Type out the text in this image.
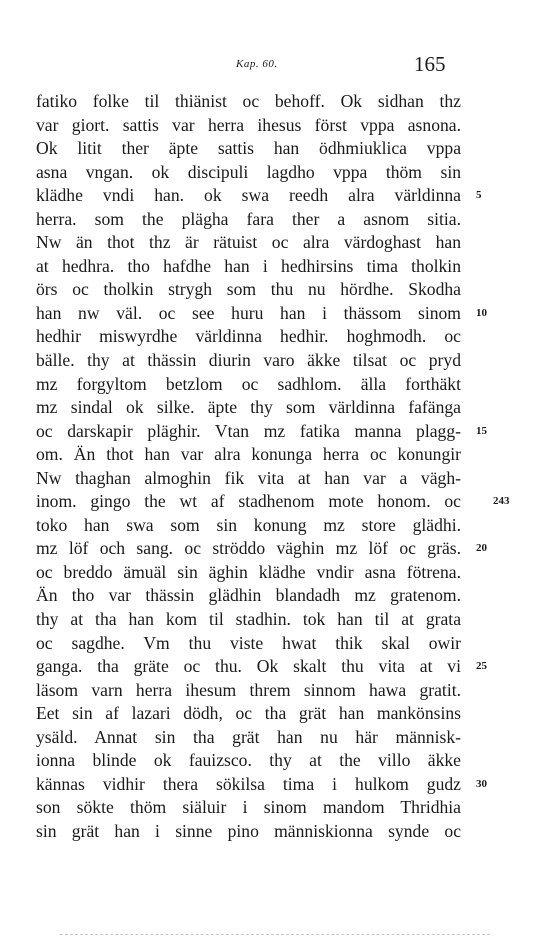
Kap. 60.	165
fatiko folke til thiänist oc behoff. Ok sidhan thz
var giort. sattis var herra ihesus först vppa asnona.
Ok litit ther äpte sattis han ödhmiuklica vppa
asna vngan. ok discipuli lagdho vppa thöm sin
klädhe vndi han. ok swa reedh alra världinna 5
herra. som the plägha fara ther a asnom sitia.
Nw än thot thz är rätuist oc alra värdoghast han
at hedhra. tho hafdhe han i hedhirsins tima tholkin
örs oc tholkin strygh som thu nu hördhe. Skodha
han nw väl. oc see huru han i thässom sinom 10
hedhir miswyrdhe världinna hedhir. hoghmodh. oc
bälle. thy at thässin diurin varo äkke tilsat oc pryd
mz forgyltom betzlom oc sadhlom. älla forthäkt
mz sindal ok silke. äpte thy som världinna fafänga
oc darskapir pläghir. Vtan mz fatika manna plagg- 15
om. Än thot han var alra konunga herra oc konungir
Nw thaghan almoghin fik vita at han var a vägh-
inom. gingo the wt af stadhenom mote honom. oc	243
toko han swa som sin konung mz store glädhi.
mz löf och sang. oc ströddo väghin mz löf oc gräs. 20
oc breddo ämuäl sin äghin klädhe vndir asna fötrena.
Än tho var thässin glädhin blandadh mz gratenom.
thy at tha han kom til stadhin. tok han til at grata
oc sagdhe. Vm thu viste hwat thik skal owir
ganga. tha gräte oc thu. Ok skalt thu vita at vi 25
läsom varn herra ihesum threm sinnom hawa gratit.
Eet sin af lazari dödh, oc tha grät han mankönsins
ysäld. Annat sin tha grät han nu här människ-
ionna blinde ok fauizsco. thy at the villo äkke
kännas vidhir thera sökilsa tima i hulkom gudz 30
son sökte thöm siäluir i sinom mandom Thridhia
sin grät han i sinne pino människionna synde oc
